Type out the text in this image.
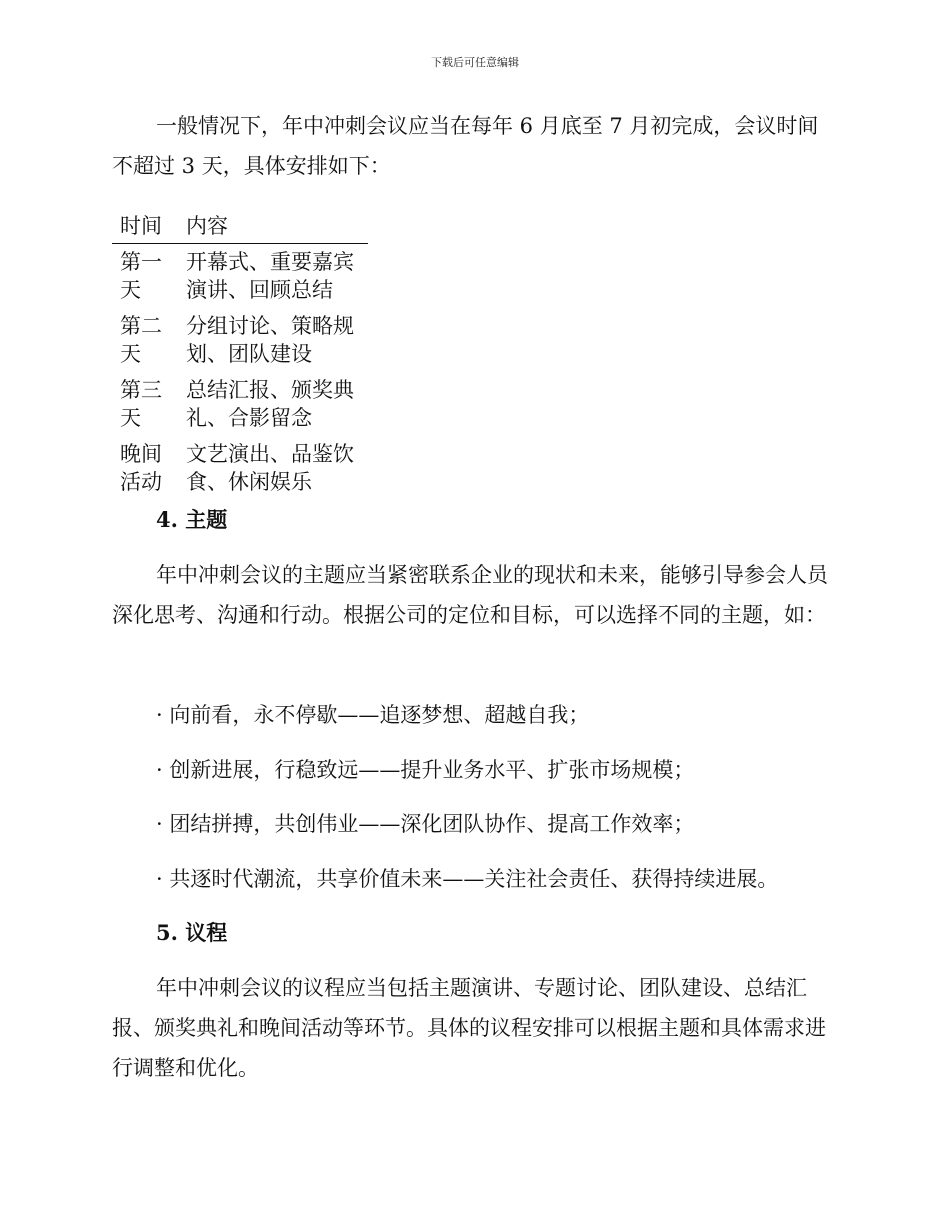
下载后可任意编辑

一般情况下，年中冲刺会议应当在每年 6 月底至 7 月初完成，会议时间不超过 3 天，具体安排如下：

时间	内容
第一天	开幕式、重要嘉宾演讲、回顾总结
第二天	分组讨论、策略规划、团队建设
第三天	总结汇报、颁奖典礼、合影留念
晚间活动	文艺演出、品鉴饮食、休闲娱乐
4. 主题

年中冲刺会议的主题应当紧密联系企业的现状和未来，能够引导参会人员深化思考、沟通和行动。根据公司的定位和目标，可以选择不同的主题，如：

· 向前看，永不停歇——追逐梦想、超越自我；

· 创新进展，行稳致远——提升业务水平、扩张市场规模；

· 团结拼搏，共创伟业——深化团队协作、提高工作效率；

· 共逐时代潮流，共享价值未来——关注社会责任、获得持续进展。

5. 议程

年中冲刺会议的议程应当包括主题演讲、专题讨论、团队建设、总结汇报、颁奖典礼和晚间活动等环节。具体的议程安排可以根据主题和具体需求进行调整和优化。
